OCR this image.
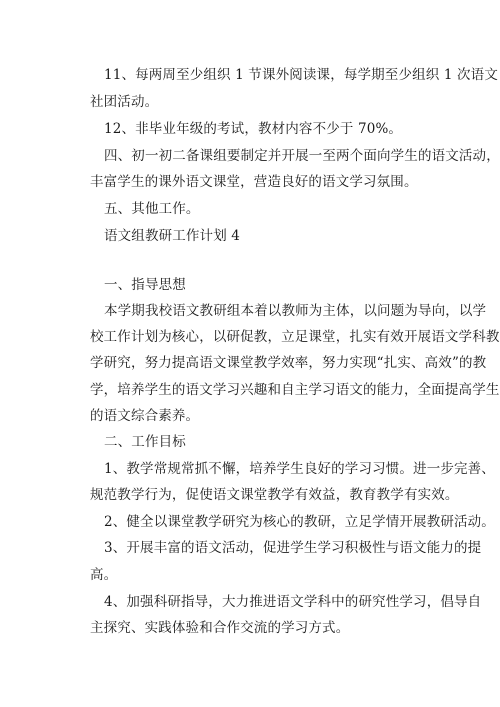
11、每两周至少组织 1 节课外阅读课，每学期至少组织 1 次语文
社团活动。
12、非毕业年级的考试，教材内容不少于 70%。
四、初一初二备课组要制定并开展一至两个面向学生的语文活动，
丰富学生的课外语文课堂，营造良好的语文学习氛围。
五、其他工作。
语文组教研工作计划 4
一、指导思想
本学期我校语文教研组本着以教师为主体，以问题为导向，以学
校工作计划为核心，以研促教，立足课堂，扎实有效开展语文学科教
学研究，努力提高语文课堂教学效率，努力实现“扎实、高效”的教
学，培养学生的语文学习兴趣和自主学习语文的能力，全面提高学生
的语文综合素养。
二、工作目标
1、教学常规常抓不懈，培养学生良好的学习习惯。进一步完善、
规范教学行为，促使语文课堂教学有效益，教育教学有实效。
2、健全以课堂教学研究为核心的教研，立足学情开展教研活动。
3、开展丰富的语文活动，促进学生学习积极性与语文能力的提
高。
4、加强科研指导，大力推进语文学科中的研究性学习，倡导自
主探究、实践体验和合作交流的学习方式。
